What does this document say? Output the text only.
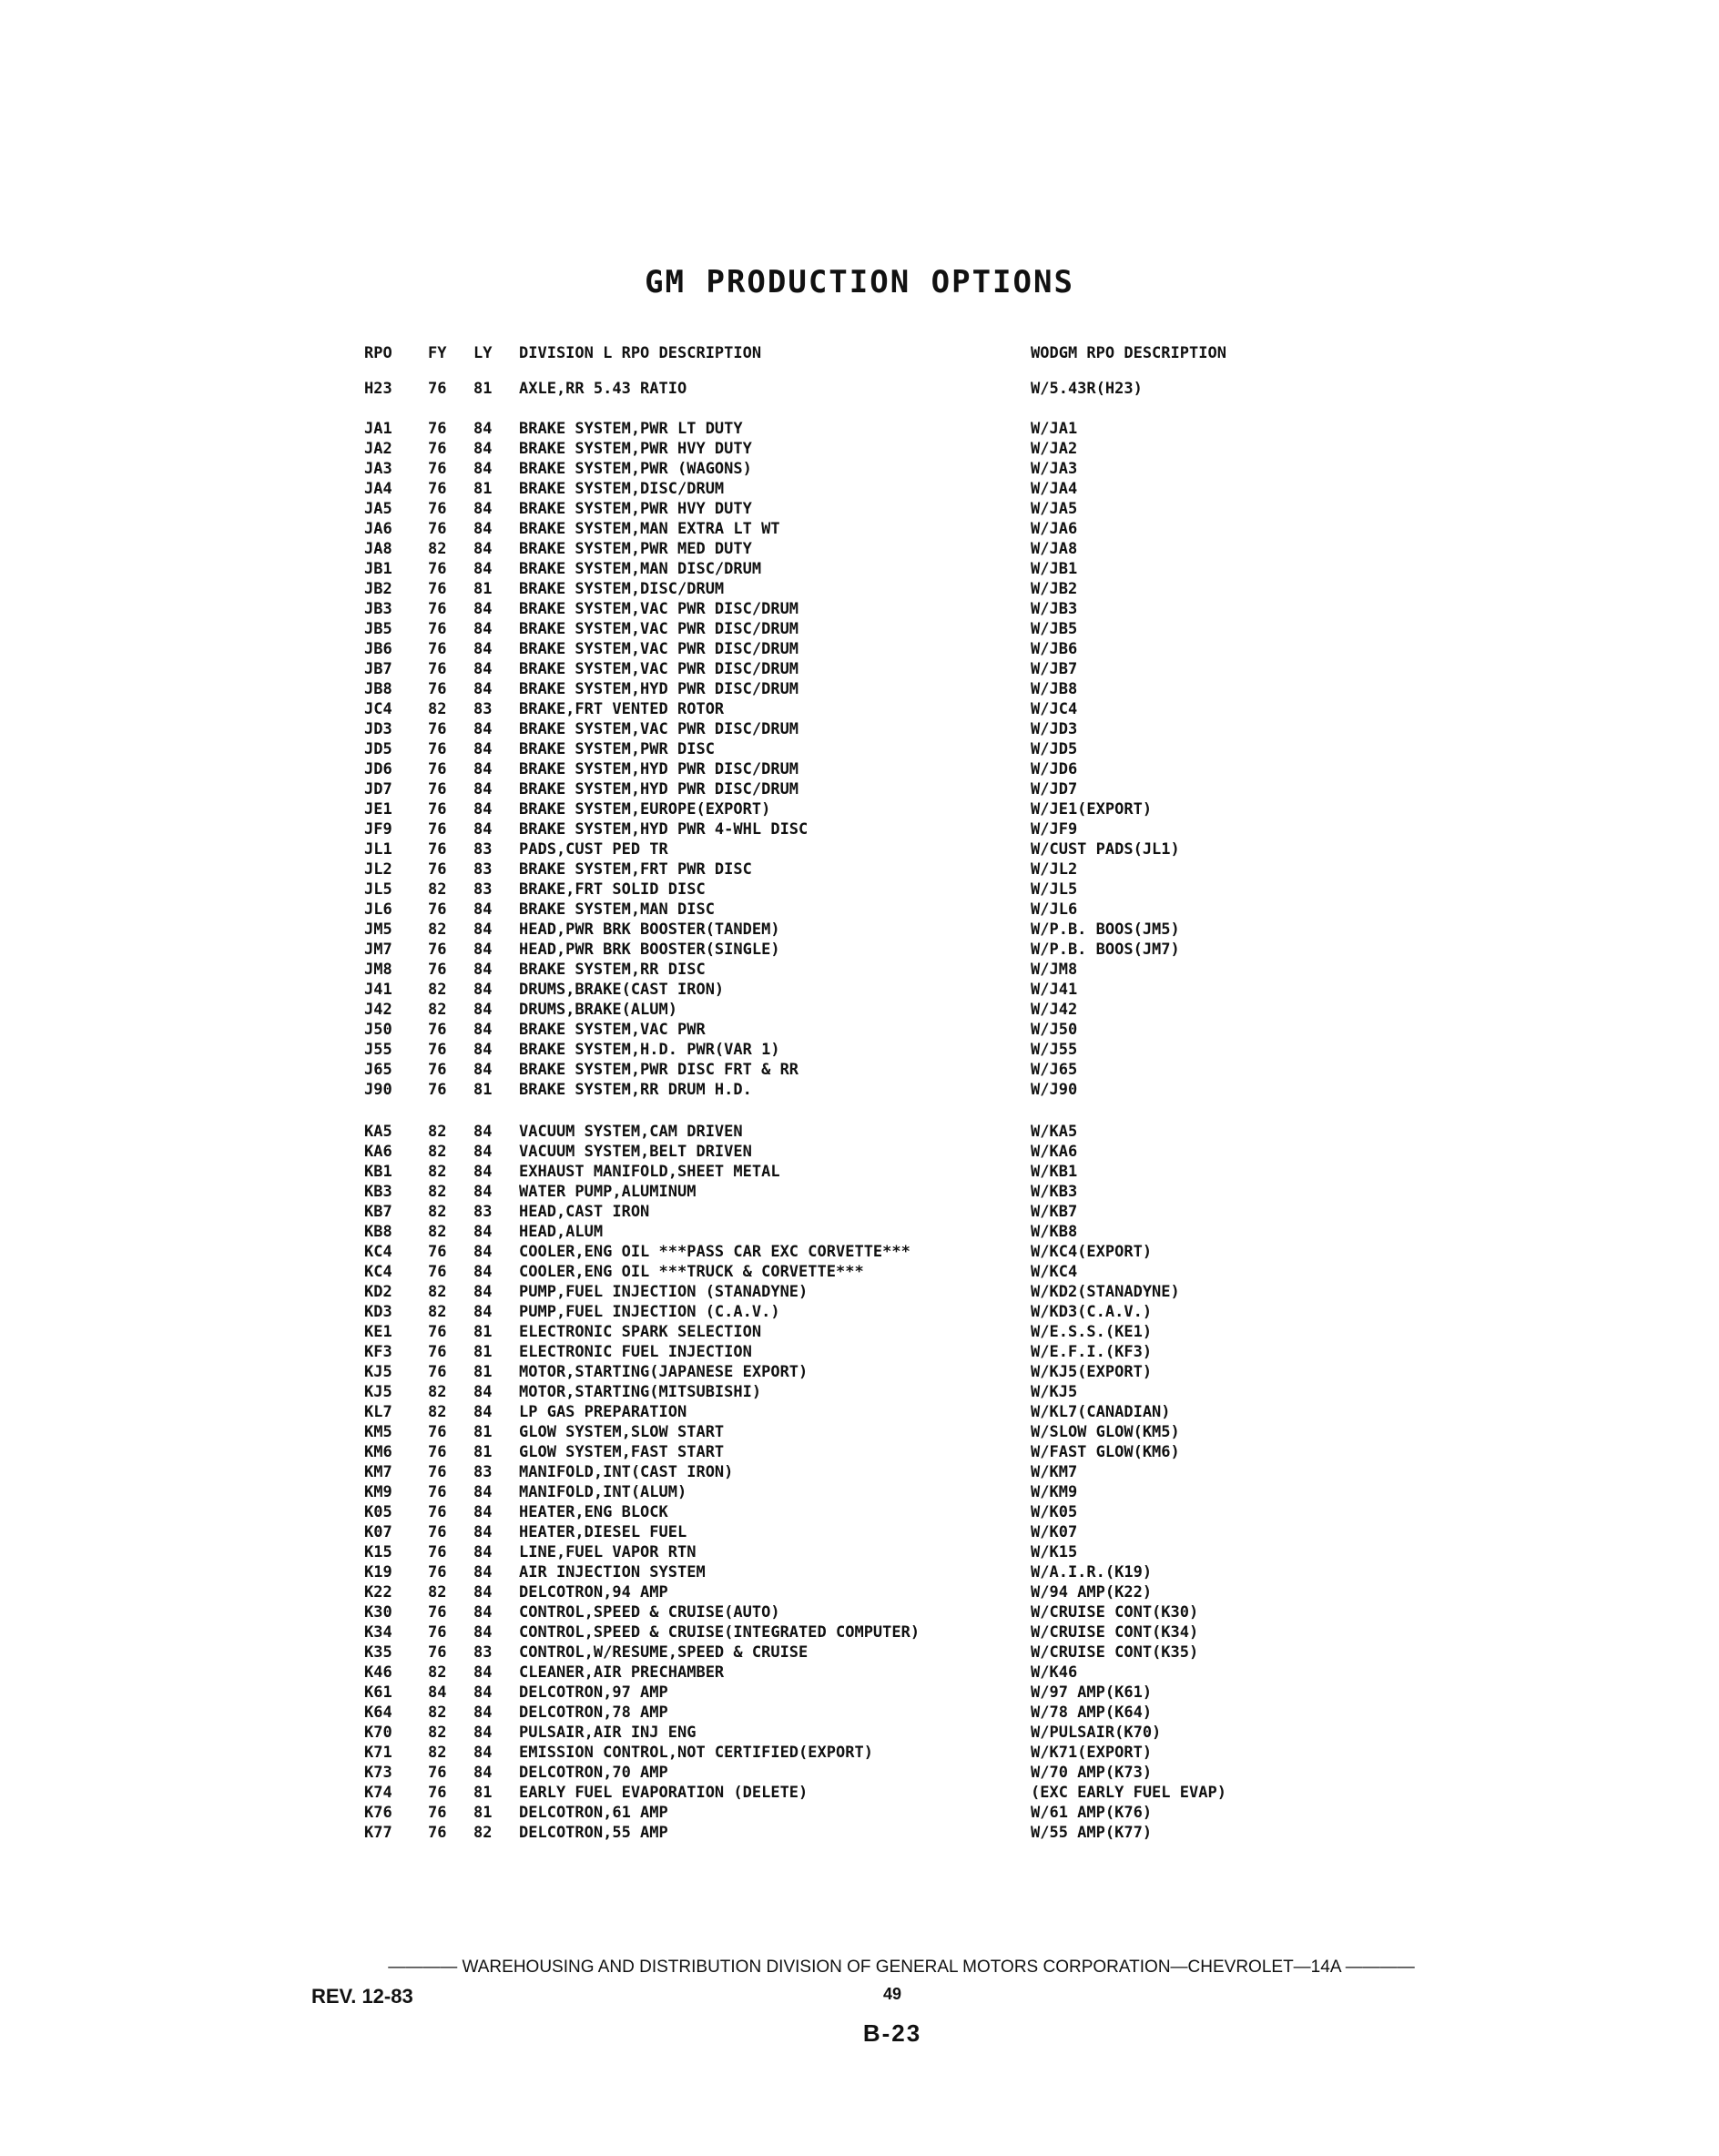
GM PRODUCTION OPTIONS
RPO FY LY DIVISION L RPO DESCRIPTION	WODGM RPO DESCRIPTION
H23 76 81 AXLE,RR 5.43 RATIO	W/5.43R(H23)
JA1 76 84 BRAKE SYSTEM,PWR LT DUTY	W/JA1
JA2 76 84 BRAKE SYSTEM,PWR HVY DUTY	W/JA2
JA3 76 84 BRAKE SYSTEM,PWR (WAGONS)	W/JA3
JA4 76 81 BRAKE SYSTEM,DISC/DRUM	W/JA4
JA5 76 84 BRAKE SYSTEM,PWR HVY DUTY	W/JA5
JA6 76 84 BRAKE SYSTEM,MAN EXTRA LT WT	W/JA6
JA8 82 84 BRAKE SYSTEM,PWR MED DUTY	W/JA8
JB1 76 84 BRAKE SYSTEM,MAN DISC/DRUM	W/JB1
JB2 76 81 BRAKE SYSTEM,DISC/DRUM	W/JB2
JB3 76 84 BRAKE SYSTEM,VAC PWR DISC/DRUM	W/JB3
JB5 76 84 BRAKE SYSTEM,VAC PWR DISC/DRUM	W/JB5
JB6 76 84 BRAKE SYSTEM,VAC PWR DISC/DRUM	W/JB6
JB7 76 84 BRAKE SYSTEM,VAC PWR DISC/DRUM	W/JB7
JB8 76 84 BRAKE SYSTEM,HYD PWR DISC/DRUM	W/JB8
JC4 82 83 BRAKE,FRT VENTED ROTOR	W/JC4
JD3 76 84 BRAKE SYSTEM,VAC PWR DISC/DRUM	W/JD3
JD5 76 84 BRAKE SYSTEM,PWR DISC	W/JD5
JD6 76 84 BRAKE SYSTEM,HYD PWR DISC/DRUM	W/JD6
JD7 76 84 BRAKE SYSTEM,HYD PWR DISC/DRUM	W/JD7
JE1 76 84 BRAKE SYSTEM,EUROPE(EXPORT)	W/JE1(EXPORT)
JF9 76 84 BRAKE SYSTEM,HYD PWR 4-WHL DISC	W/JF9
JL1 76 83 PADS,CUST PED TR	W/CUST PADS(JL1)
JL2 76 83 BRAKE SYSTEM,FRT PWR DISC	W/JL2
JL5 82 83 BRAKE,FRT SOLID DISC	W/JL5
JL6 76 84 BRAKE SYSTEM,MAN DISC	W/JL6
JM5 82 84 HEAD,PWR BRK BOOSTER(TANDEM)	W/P.B. BOOS(JM5)
JM7 76 84 HEAD,PWR BRK BOOSTER(SINGLE)	W/P.B. BOOS(JM7)
JM8 76 84 BRAKE SYSTEM,RR DISC	W/JM8
J41 82 84 DRUMS,BRAKE(CAST IRON)	W/J41
J42 82 84 DRUMS,BRAKE(ALUM)	W/J42
J50 76 84 BRAKE SYSTEM,VAC PWR	W/J50
J55 76 84 BRAKE SYSTEM,H.D. PWR(VAR 1)	W/J55
J65 76 84 BRAKE SYSTEM,PWR DISC FRT & RR	W/J65
J90 76 81 BRAKE SYSTEM,RR DRUM H.D.	W/J90
KA5 82 84 VACUUM SYSTEM,CAM DRIVEN	W/KA5
KA6 82 84 VACUUM SYSTEM,BELT DRIVEN	W/KA6
KB1 82 84 EXHAUST MANIFOLD,SHEET METAL	W/KB1
KB3 82 84 WATER PUMP,ALUMINUM	W/KB3
KB7 82 83 HEAD,CAST IRON	W/KB7
KB8 82 84 HEAD,ALUM	W/KB8
KC4 76 84 COOLER,ENG OIL ***PASS CAR EXC CORVETTE***	W/KC4(EXPORT)
KC4 76 84 COOLER,ENG OIL ***TRUCK & CORVETTE***	W/KC4
KD2 82 84 PUMP,FUEL INJECTION (STANADYNE)	W/KD2(STANADYNE)
KD3 82 84 PUMP,FUEL INJECTION (C.A.V.)	W/KD3(C.A.V.)
KE1 76 81 ELECTRONIC SPARK SELECTION	W/E.S.S.(KE1)
KF3 76 81 ELECTRONIC FUEL INJECTION	W/E.F.I.(KF3)
KJ5 76 81 MOTOR,STARTING(JAPANESE EXPORT)	W/KJ5(EXPORT)
KJ5 82 84 MOTOR,STARTING(MITSUBISHI)	W/KJ5
KL7 82 84 LP GAS PREPARATION	W/KL7(CANADIAN)
KM5 76 81 GLOW SYSTEM,SLOW START	W/SLOW GLOW(KM5)
KM6 76 81 GLOW SYSTEM,FAST START	W/FAST GLOW(KM6)
KM7 76 83 MANIFOLD,INT(CAST IRON)	W/KM7
KM9 76 84 MANIFOLD,INT(ALUM)	W/KM9
K05 76 84 HEATER,ENG BLOCK	W/K05
K07 76 84 HEATER,DIESEL FUEL	W/K07
K15 76 84 LINE,FUEL VAPOR RTN	W/K15
K19 76 84 AIR INJECTION SYSTEM	W/A.I.R.(K19)
K22 82 84 DELCOTRON,94 AMP	W/94 AMP(K22)
K30 76 84 CONTROL,SPEED & CRUISE(AUTO)	W/CRUISE CONT(K30)
K34 76 84 CONTROL,SPEED & CRUISE(INTEGRATED COMPUTER)	W/CRUISE CONT(K34)
K35 76 83 CONTROL,W/RESUME,SPEED & CRUISE	W/CRUISE CONT(K35)
K46 82 84 CLEANER,AIR PRECHAMBER	W/K46
K61 84 84 DELCOTRON,97 AMP	W/97 AMP(K61)
K64 82 84 DELCOTRON,78 AMP	W/78 AMP(K64)
K70 82 84 PULSAIR,AIR INJ ENG	W/PULSAIR(K70)
K71 82 84 EMISSION CONTROL,NOT CERTIFIED(EXPORT)	W/K71(EXPORT)
K73 76 84 DELCOTRON,70 AMP	W/70 AMP(K73)
K74 76 81 EARLY FUEL EVAPORATION (DELETE)	(EXC EARLY FUEL EVAP)
K76 76 81 DELCOTRON,61 AMP	W/61 AMP(K76)
K77 76 82 DELCOTRON,55 AMP	W/55 AMP(K77)
———— WAREHOUSING AND DISTRIBUTION DIVISION OF GENERAL MOTORS CORPORATION—CHEVROLET—14A ————
REV. 12-83	49
B-23
